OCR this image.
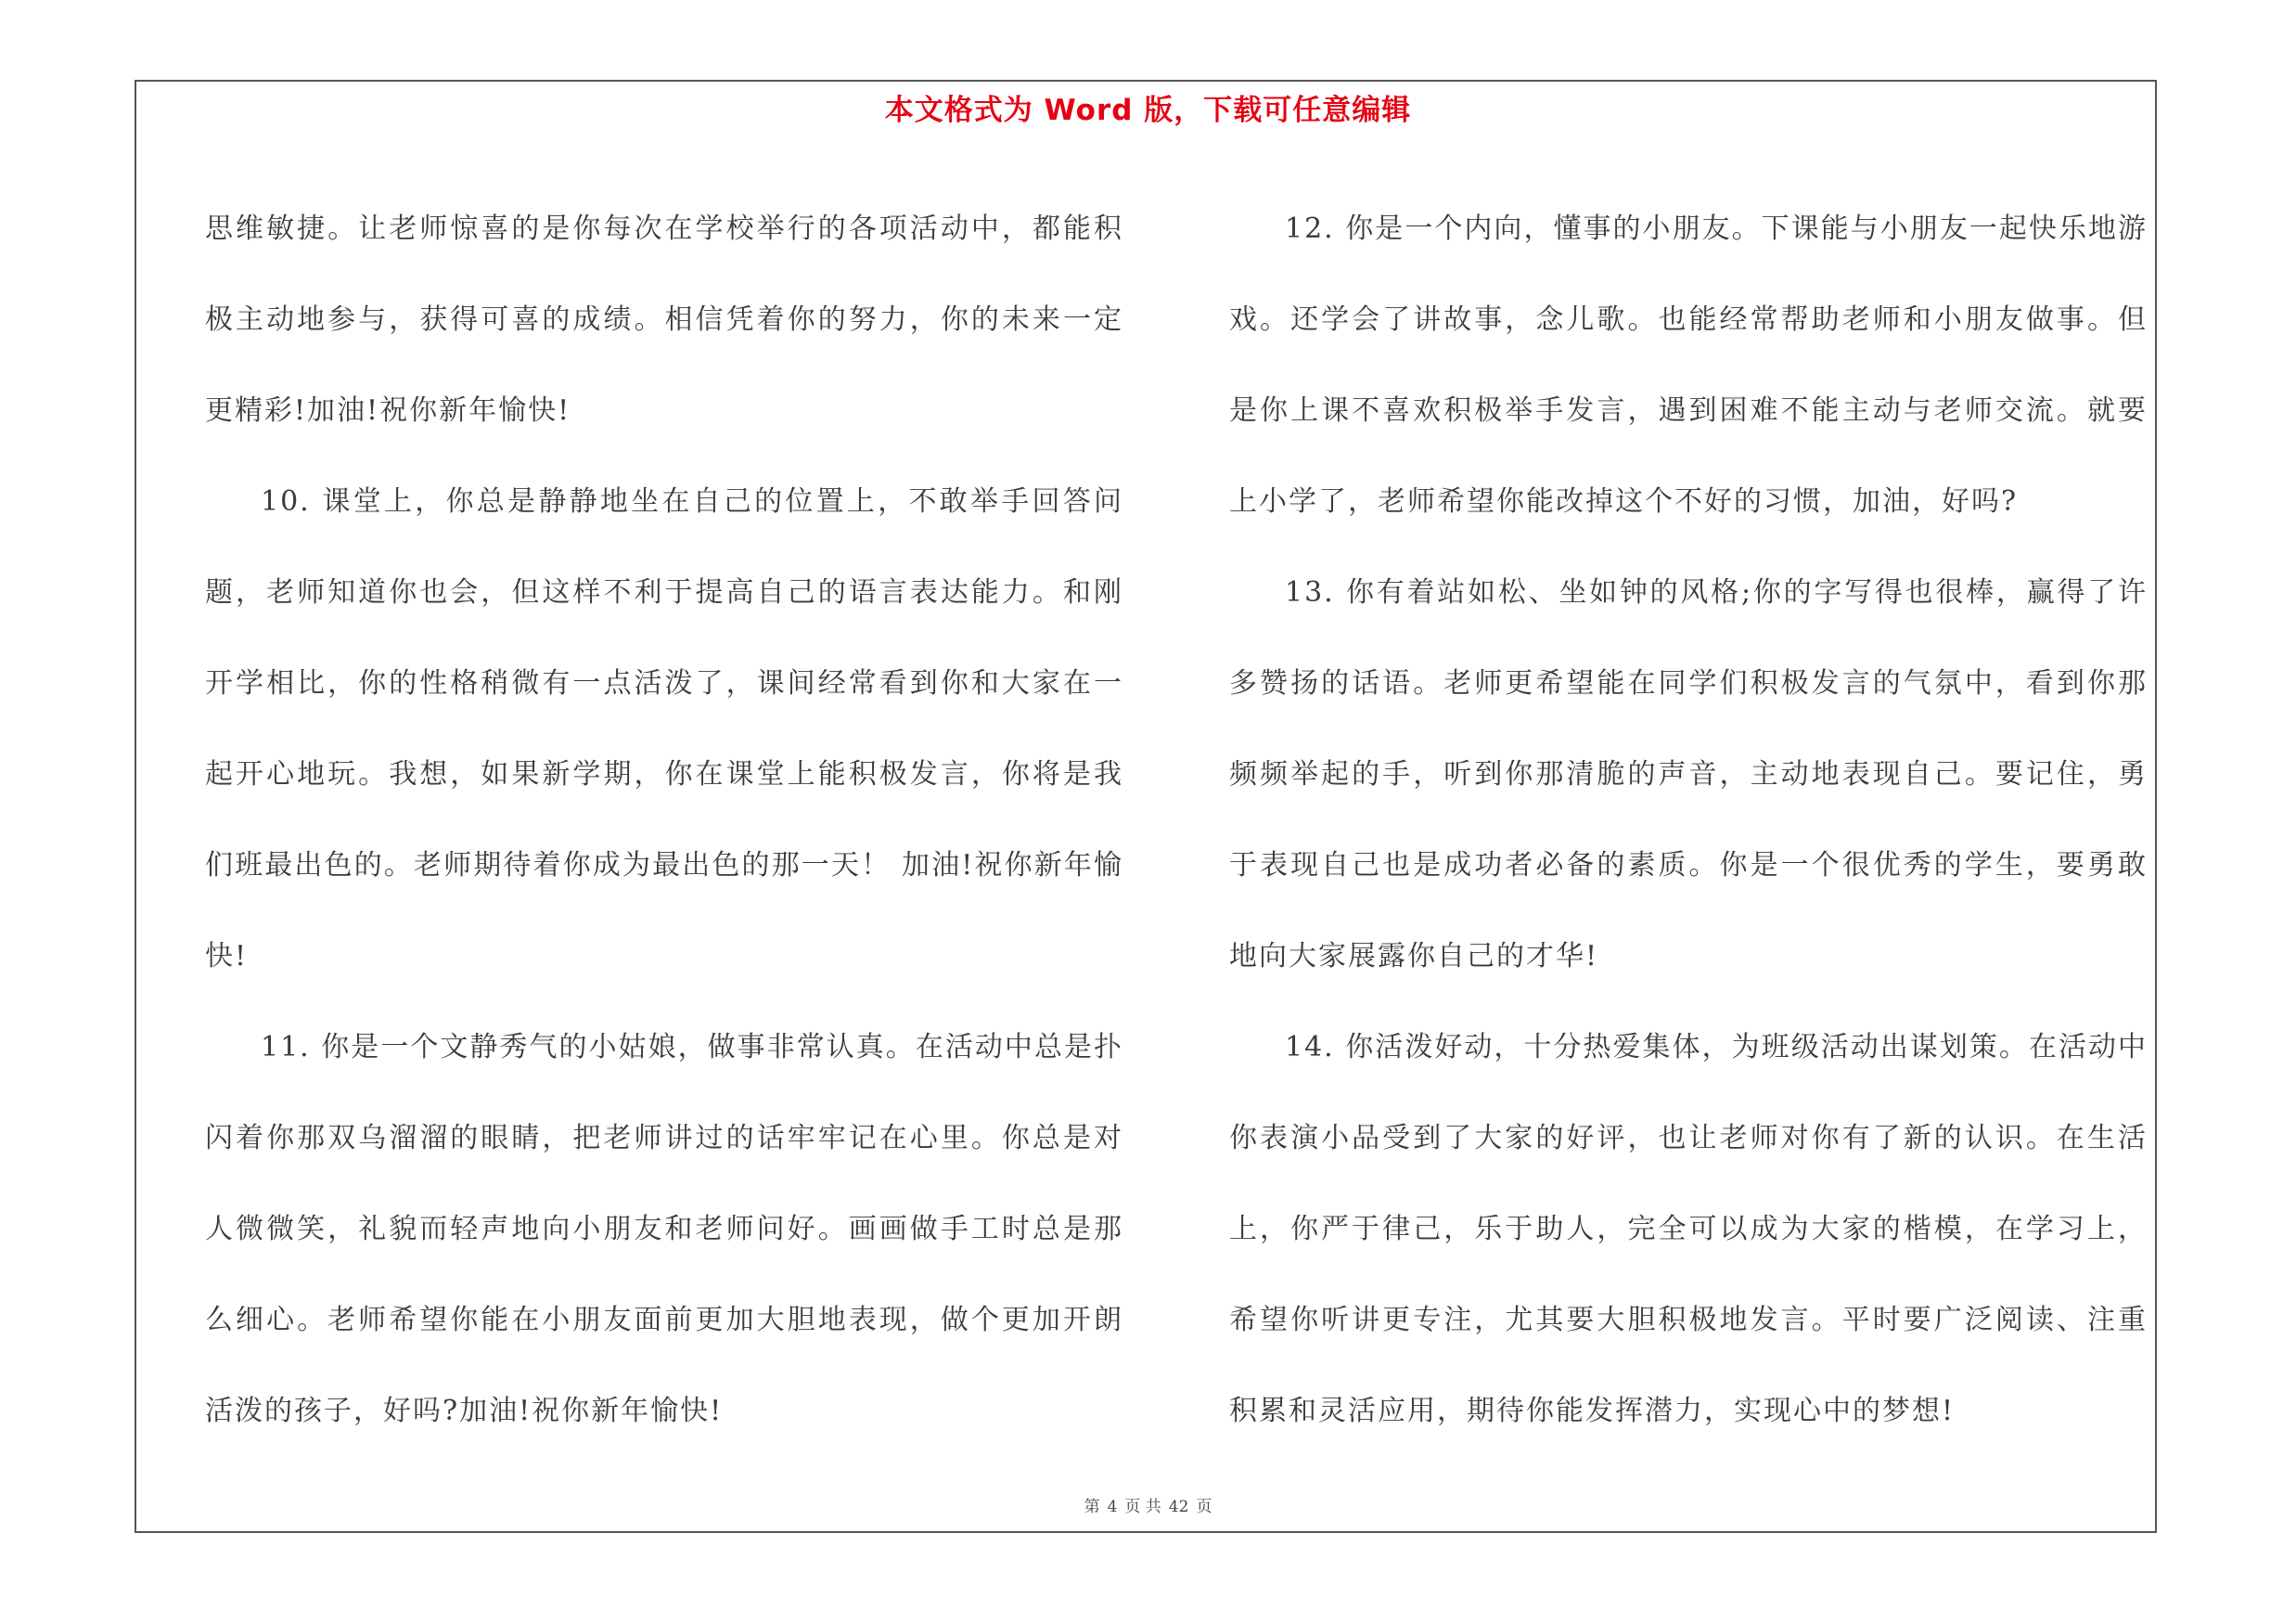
本文格式为 Word 版，下载可任意编辑

思维敏捷。让老师惊喜的是你每次在学校举行的各项活动中，都能积极主动地参与，获得可喜的成绩。相信凭着你的努力，你的未来一定更精彩!加油!祝你新年愉快!

10. 课堂上，你总是静静地坐在自己的位置上，不敢举手回答问题，老师知道你也会，但这样不利于提高自己的语言表达能力。和刚开学相比，你的性格稍微有一点活泼了，课间经常看到你和大家在一起开心地玩。我想，如果新学期，你在课堂上能积极发言，你将是我们班最出色的。老师期待着你成为最出色的那一天！ 加油!祝你新年愉快!

11. 你是一个文静秀气的小姑娘，做事非常认真。在活动中总是扑闪着你那双乌溜溜的眼睛，把老师讲过的话牢牢记在心里。你总是对人微微笑，礼貌而轻声地向小朋友和老师问好。画画做手工时总是那么细心。老师希望你能在小朋友面前更加大胆地表现，做个更加开朗活泼的孩子，好吗?加油!祝你新年愉快!

12. 你是一个内向，懂事的小朋友。下课能与小朋友一起快乐地游戏。还学会了讲故事，念儿歌。也能经常帮助老师和小朋友做事。但是你上课不喜欢积极举手发言，遇到困难不能主动与老师交流。就要上小学了，老师希望你能改掉这个不好的习惯，加油，好吗?

13. 你有着站如松、坐如钟的风格;你的字写得也很棒，赢得了许多赞扬的话语。老师更希望能在同学们积极发言的气氛中，看到你那频频举起的手，听到你那清脆的声音，主动地表现自己。要记住，勇于表现自己也是成功者必备的素质。你是一个很优秀的学生，要勇敢地向大家展露你自己的才华!

14. 你活泼好动，十分热爱集体，为班级活动出谋划策。在活动中你表演小品受到了大家的好评，也让老师对你有了新的认识。在生活上，你严于律己，乐于助人，完全可以成为大家的楷模，在学习上，希望你听讲更专注，尤其要大胆积极地发言。平时要广泛阅读、注重积累和灵活应用，期待你能发挥潜力，实现心中的梦想!

第 4 页 共 42 页
